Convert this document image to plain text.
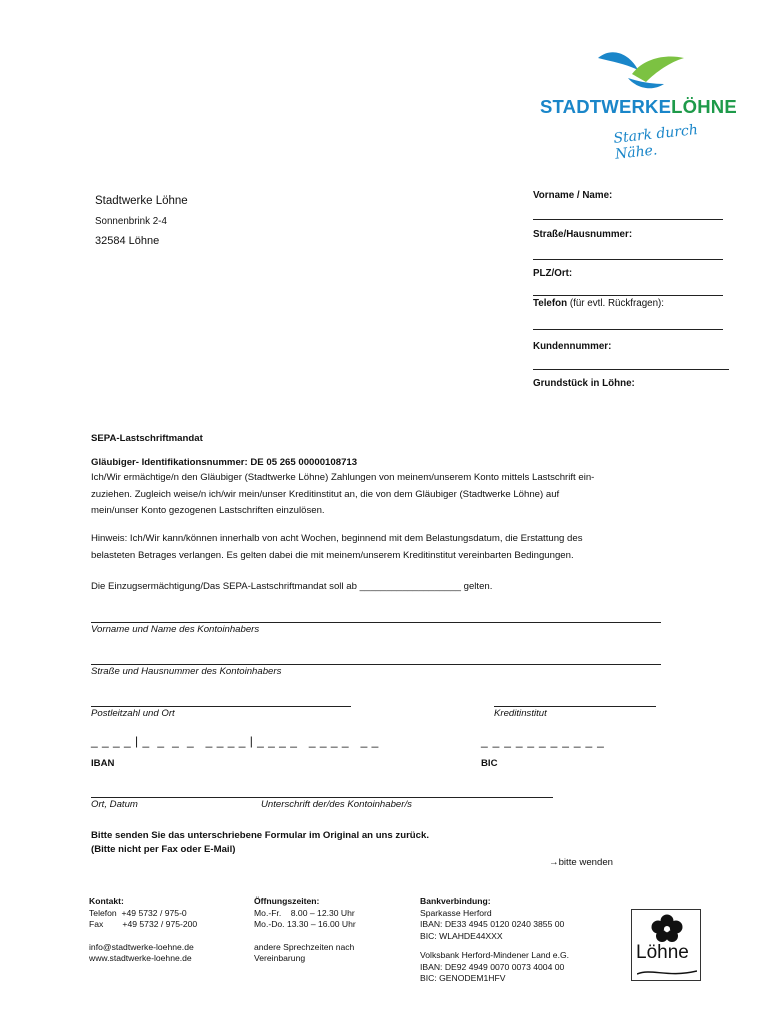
STADTWERKELÖHNE
Stark durch Nähe.
Stadtwerke Löhne
Sonnenbrink 2-4
32584 Löhne
Vorname / Name:
Straße/Hausnummer:
PLZ/Ort:
Telefon (für evtl. Rückfragen):
Kundennummer:
Grundstück in Löhne:
SEPA-Lastschriftmandat
Gläubiger- Identifikationsnummer: DE 05 265 00000108713
Ich/Wir ermächtige/n den Gläubiger (Stadtwerke Löhne) Zahlungen von meinem/unserem Konto mittels Lastschrift ein-
zuziehen. Zugleich weise/n ich/wir mein/unser Kreditinstitut an, die von dem Gläubiger (Stadtwerke Löhne) auf
mein/unser Konto gezogenen Lastschriften einzulösen.
Hinweis: Ich/Wir kann/können innerhalb von acht Wochen, beginnend mit dem Belastungsdatum, die Erstattung des
belasteten Betrages verlangen. Es gelten dabei die mit meinem/unserem Kreditinstitut vereinbarten Bedingungen.
Die Einzugsermächtigung/Das SEPA-Lastschriftmandat soll ab ___________________ gelten.
Vorname und Name des Kontoinhabers
Straße und Hausnummer des Kontoinhabers
Postleitzahl und Ort	Kreditinstitut
_ _ _ _ | _  _  _  _   _ _ _ _ | _ _ _ _   _ _ _ _   _ _	_ _ _ _ _ _ _ _ _ _ _
IBAN	BIC
Ort, Datum	Unterschrift der/des Kontoinhaber/s
Bitte senden Sie das unterschriebene Formular im Original an uns zurück.
(Bitte nicht per Fax oder E-Mail)
→bitte wenden
Kontakt:
Telefon  +49 5732 / 975-0
Fax        +49 5732 / 975-200
info@stadtwerke-loehne.de
www.stadtwerke-loehne.de
Öffnungszeiten:
Mo.-Fr.    8.00 – 12.30 Uhr
Mo.-Do. 13.30 – 16.00 Uhr
andere Sprechzeiten nach
Vereinbarung
Bankverbindung:
Sparkasse Herford
IBAN: DE33 4945 0120 0240 3855 00
BIC: WLAHDE44XXX
Volksbank Herford-Mindener Land e.G.
IBAN: DE92 4949 0070 0073 4004 00
BIC: GENODEM1HFV
Löhne
